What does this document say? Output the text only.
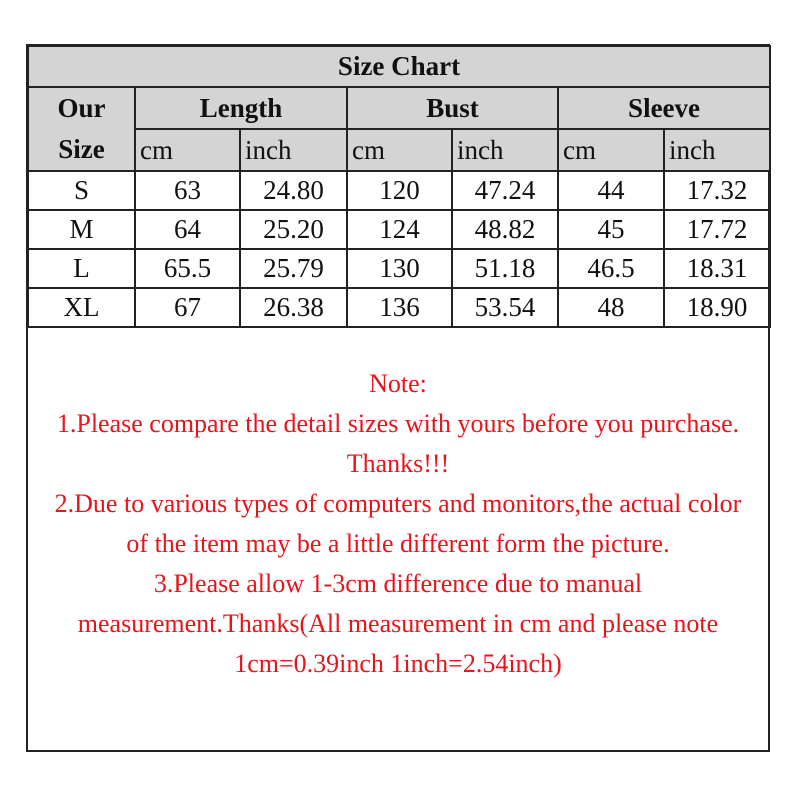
Size Chart						
Our
Size	Length		Bust		Sleeve	
	cm	inch	cm	inch	cm	inch
S	63	24.80	120	47.24	44	17.32
M	64	25.20	124	48.82	45	17.72
L	65.5	25.79	130	51.18	46.5	18.31
XL	67	26.38	136	53.54	48	18.90
Note:
1.Please compare the detail sizes with yours before you purchase. Thanks!!!
2.Due to various types of computers and monitors,the actual color of the item may be a little different form the picture.
3.Please allow 1-3cm difference due to manual measurement.Thanks(All measurement in cm and please note 1cm=0.39inch 1inch=2.54inch)
